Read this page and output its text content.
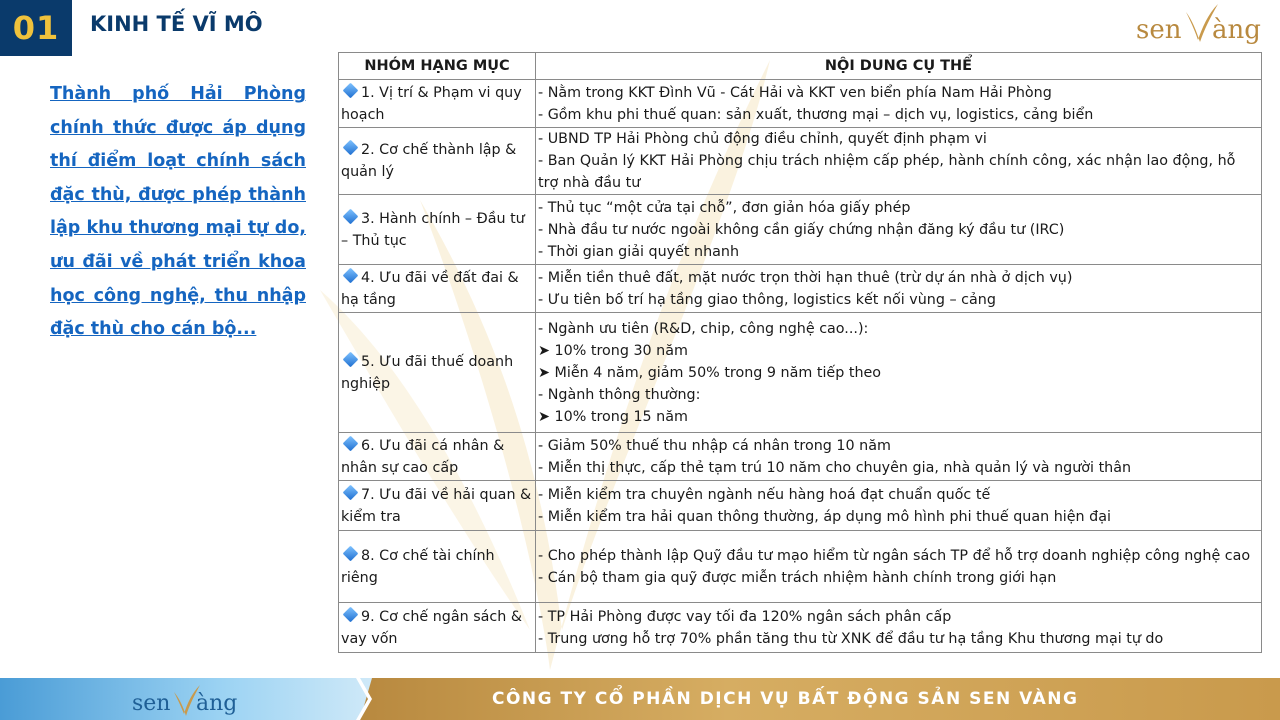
01	KINH TẾ VĨ MÔ	sen àng
Thành phố Hải Phòng chính thức được áp dụng thí điểm loạt chính sách đặc thù, được phép thành lập khu thương mại tự do, ưu đãi về phát triển khoa học công nghệ, thu nhập đặc thù cho cán bộ...
NHÓM HẠNG MỤC	NỘI DUNG CỤ THỂ
1. Vị trí & Phạm vi quy hoạch	- Nằm trong KKT Đình Vũ - Cát Hải và KKT ven biển phía Nam Hải Phòng
- Gồm khu phi thuế quan: sản xuất, thương mại – dịch vụ, logistics, cảng biển

2. Cơ chế thành lập & quản lý	- UBND TP Hải Phòng chủ động điều chỉnh, quyết định phạm vi
- Ban Quản lý KKT Hải Phòng chịu trách nhiệm cấp phép, hành chính công, xác nhận lao động, hỗ trợ nhà đầu tư

3. Hành chính – Đầu tư – Thủ tục	- Thủ tục “một cửa tại chỗ”, đơn giản hóa giấy phép
- Nhà đầu tư nước ngoài không cần giấy chứng nhận đăng ký đầu tư (IRC)
- Thời gian giải quyết nhanh

4. Ưu đãi về đất đai & hạ tầng	- Miễn tiền thuê đất, mặt nước trọn thời hạn thuê (trừ dự án nhà ở dịch vụ)
- Ưu tiên bố trí hạ tầng giao thông, logistics kết nối vùng – cảng

5. Ưu đãi thuế doanh nghiệp	- Ngành ưu tiên (R&D, chip, công nghệ cao...):
➤ 10% trong 30 năm
➤ Miễn 4 năm, giảm 50% trong 9 năm tiếp theo
- Ngành thông thường:
➤ 10% trong 15 năm

6. Ưu đãi cá nhân & nhân sự cao cấp	- Giảm 50% thuế thu nhập cá nhân trong 10 năm
- Miễn thị thực, cấp thẻ tạm trú 10 năm cho chuyên gia, nhà quản lý và người thân

7. Ưu đãi về hải quan & kiểm tra	- Miễn kiểm tra chuyên ngành nếu hàng hoá đạt chuẩn quốc tế
- Miễn kiểm tra hải quan thông thường, áp dụng mô hình phi thuế quan hiện đại

8. Cơ chế tài chính riêng	- Cho phép thành lập Quỹ đầu tư mạo hiểm từ ngân sách TP để hỗ trợ doanh nghiệp công nghệ cao
- Cán bộ tham gia quỹ được miễn trách nhiệm hành chính trong giới hạn

9. Cơ chế ngân sách & vay vốn	- TP Hải Phòng được vay tối đa 120% ngân sách phân cấp
- Trung ương hỗ trợ 70% phần tăng thu từ XNK để đầu tư hạ tầng Khu thương mại tự do
sen àng	CÔNG TY CỔ PHẦN DỊCH VỤ BẤT ĐỘNG SẢN SEN VÀNG
